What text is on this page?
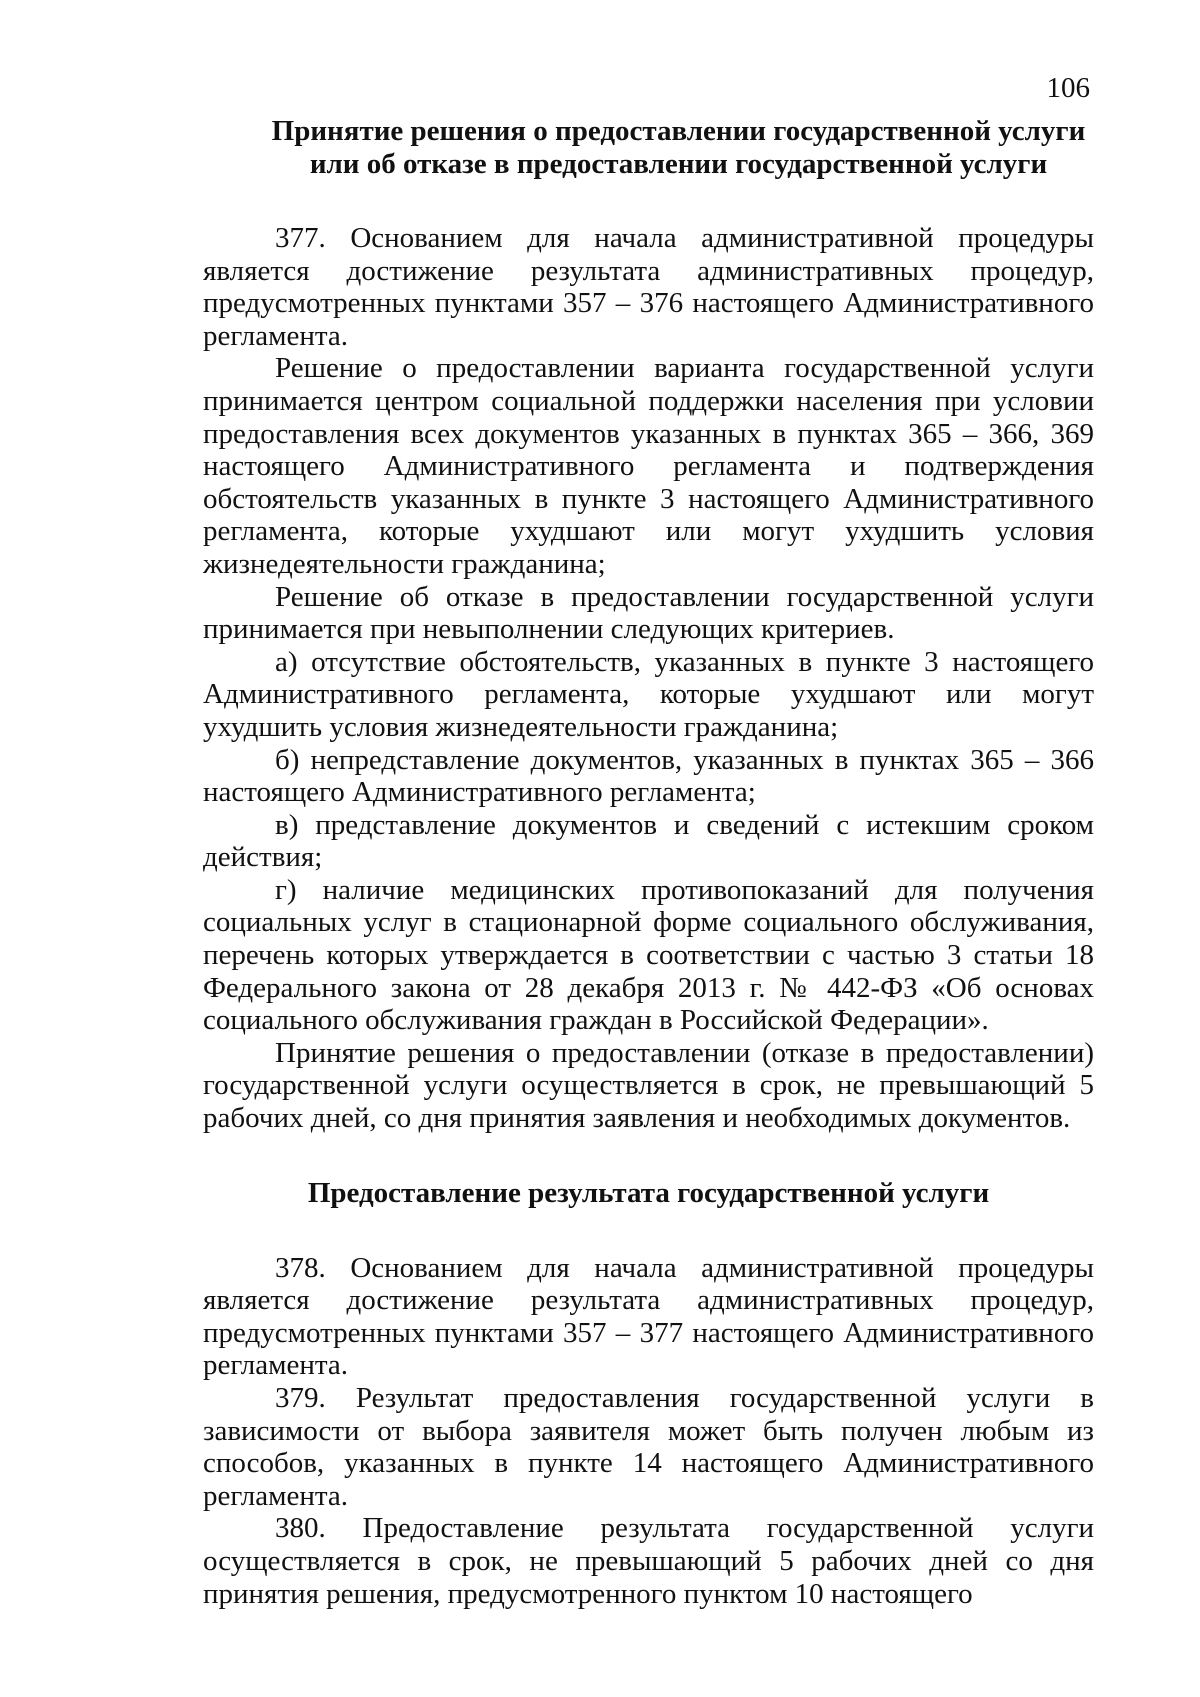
106
Принятие решения о предоставлении государственной услуги
или об отказе в предоставлении государственной услуги

377. Основанием для начала административной процедуры является достижение результата административных процедур, предусмотренных пунктами 357 – 376 настоящего Административного регламента.

Решение о предоставлении варианта государственной услуги принимается центром социальной поддержки населения при условии предоставления всех документов указанных в пунктах 365 – 366, 369 настоящего Административного регламента и подтверждения обстоятельств указанных в пункте 3 настоящего Административного регламента, которые ухудшают или могут ухудшить условия жизнедеятельности гражданина;

Решение об отказе в предоставлении государственной услуги принимается при невыполнении следующих критериев.

а) отсутствие обстоятельств, указанных в пункте 3 настоящего Административного регламента, которые ухудшают или могут ухудшить условия жизнедеятельности гражданина;

б) непредставление документов, указанных в пунктах 365 – 366 настоящего Административного регламента;

в) представление документов и сведений с истекшим сроком действия;

г) наличие медицинских противопоказаний для получения социальных услуг в стационарной форме социального обслуживания, перечень которых утверждается в соответствии с частью 3 статьи 18 Федерального закона от 28 декабря 2013 г. № 442-ФЗ «Об основах социального обслуживания граждан в Российской Федерации».

Принятие решения о предоставлении (отказе в предоставлении) государственной услуги осуществляется в срок, не превышающий 5 рабочих дней, со дня принятия заявления и необходимых документов.

Предоставление результата государственной услуги

378. Основанием для начала административной процедуры является достижение результата административных процедур, предусмотренных пунктами 357 – 377 настоящего Административного регламента.

379. Результат предоставления государственной услуги в зависимости от выбора заявителя может быть получен любым из способов, указанных в пункте 14 настоящего Административного регламента.

380. Предоставление результата государственной услуги осуществляется в срок, не превышающий 5 рабочих дней со дня принятия решения, предусмотренного пунктом 10 настоящего
